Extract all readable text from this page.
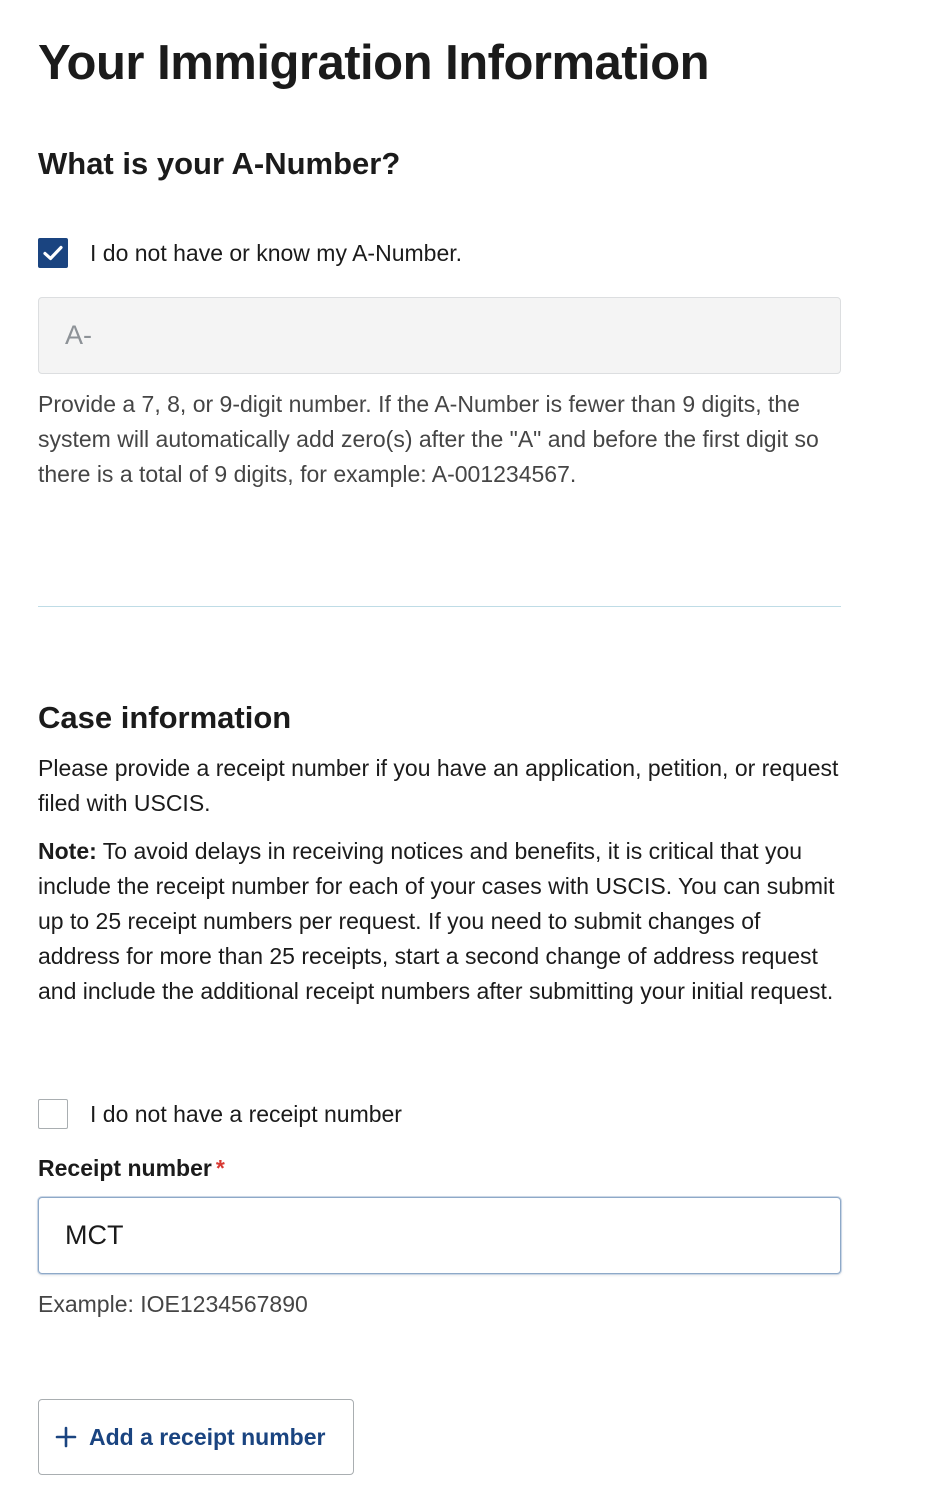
Your Immigration Information
What is your A-Number?
I do not have or know my A-Number.
A-

Provide a 7, 8, or 9-digit number. If the A-Number is fewer than 9 digits, the system will automatically add zero(s) after the "A" and before the first digit so there is a total of 9 digits, for example: A-001234567.

Case information

Please provide a receipt number if you have an application, petition, or request filed with USCIS.

Note: To avoid delays in receiving notices and benefits, it is critical that you include the receipt number for each of your cases with USCIS. You can submit up to 25 receipt numbers per request. If you need to submit changes of address for more than 25 receipts, start a second change of address request and include the additional receipt numbers after submitting your initial request.

I do not have a receipt number
Receipt number *
MCT

Example: IOE1234567890

Add a receipt number
